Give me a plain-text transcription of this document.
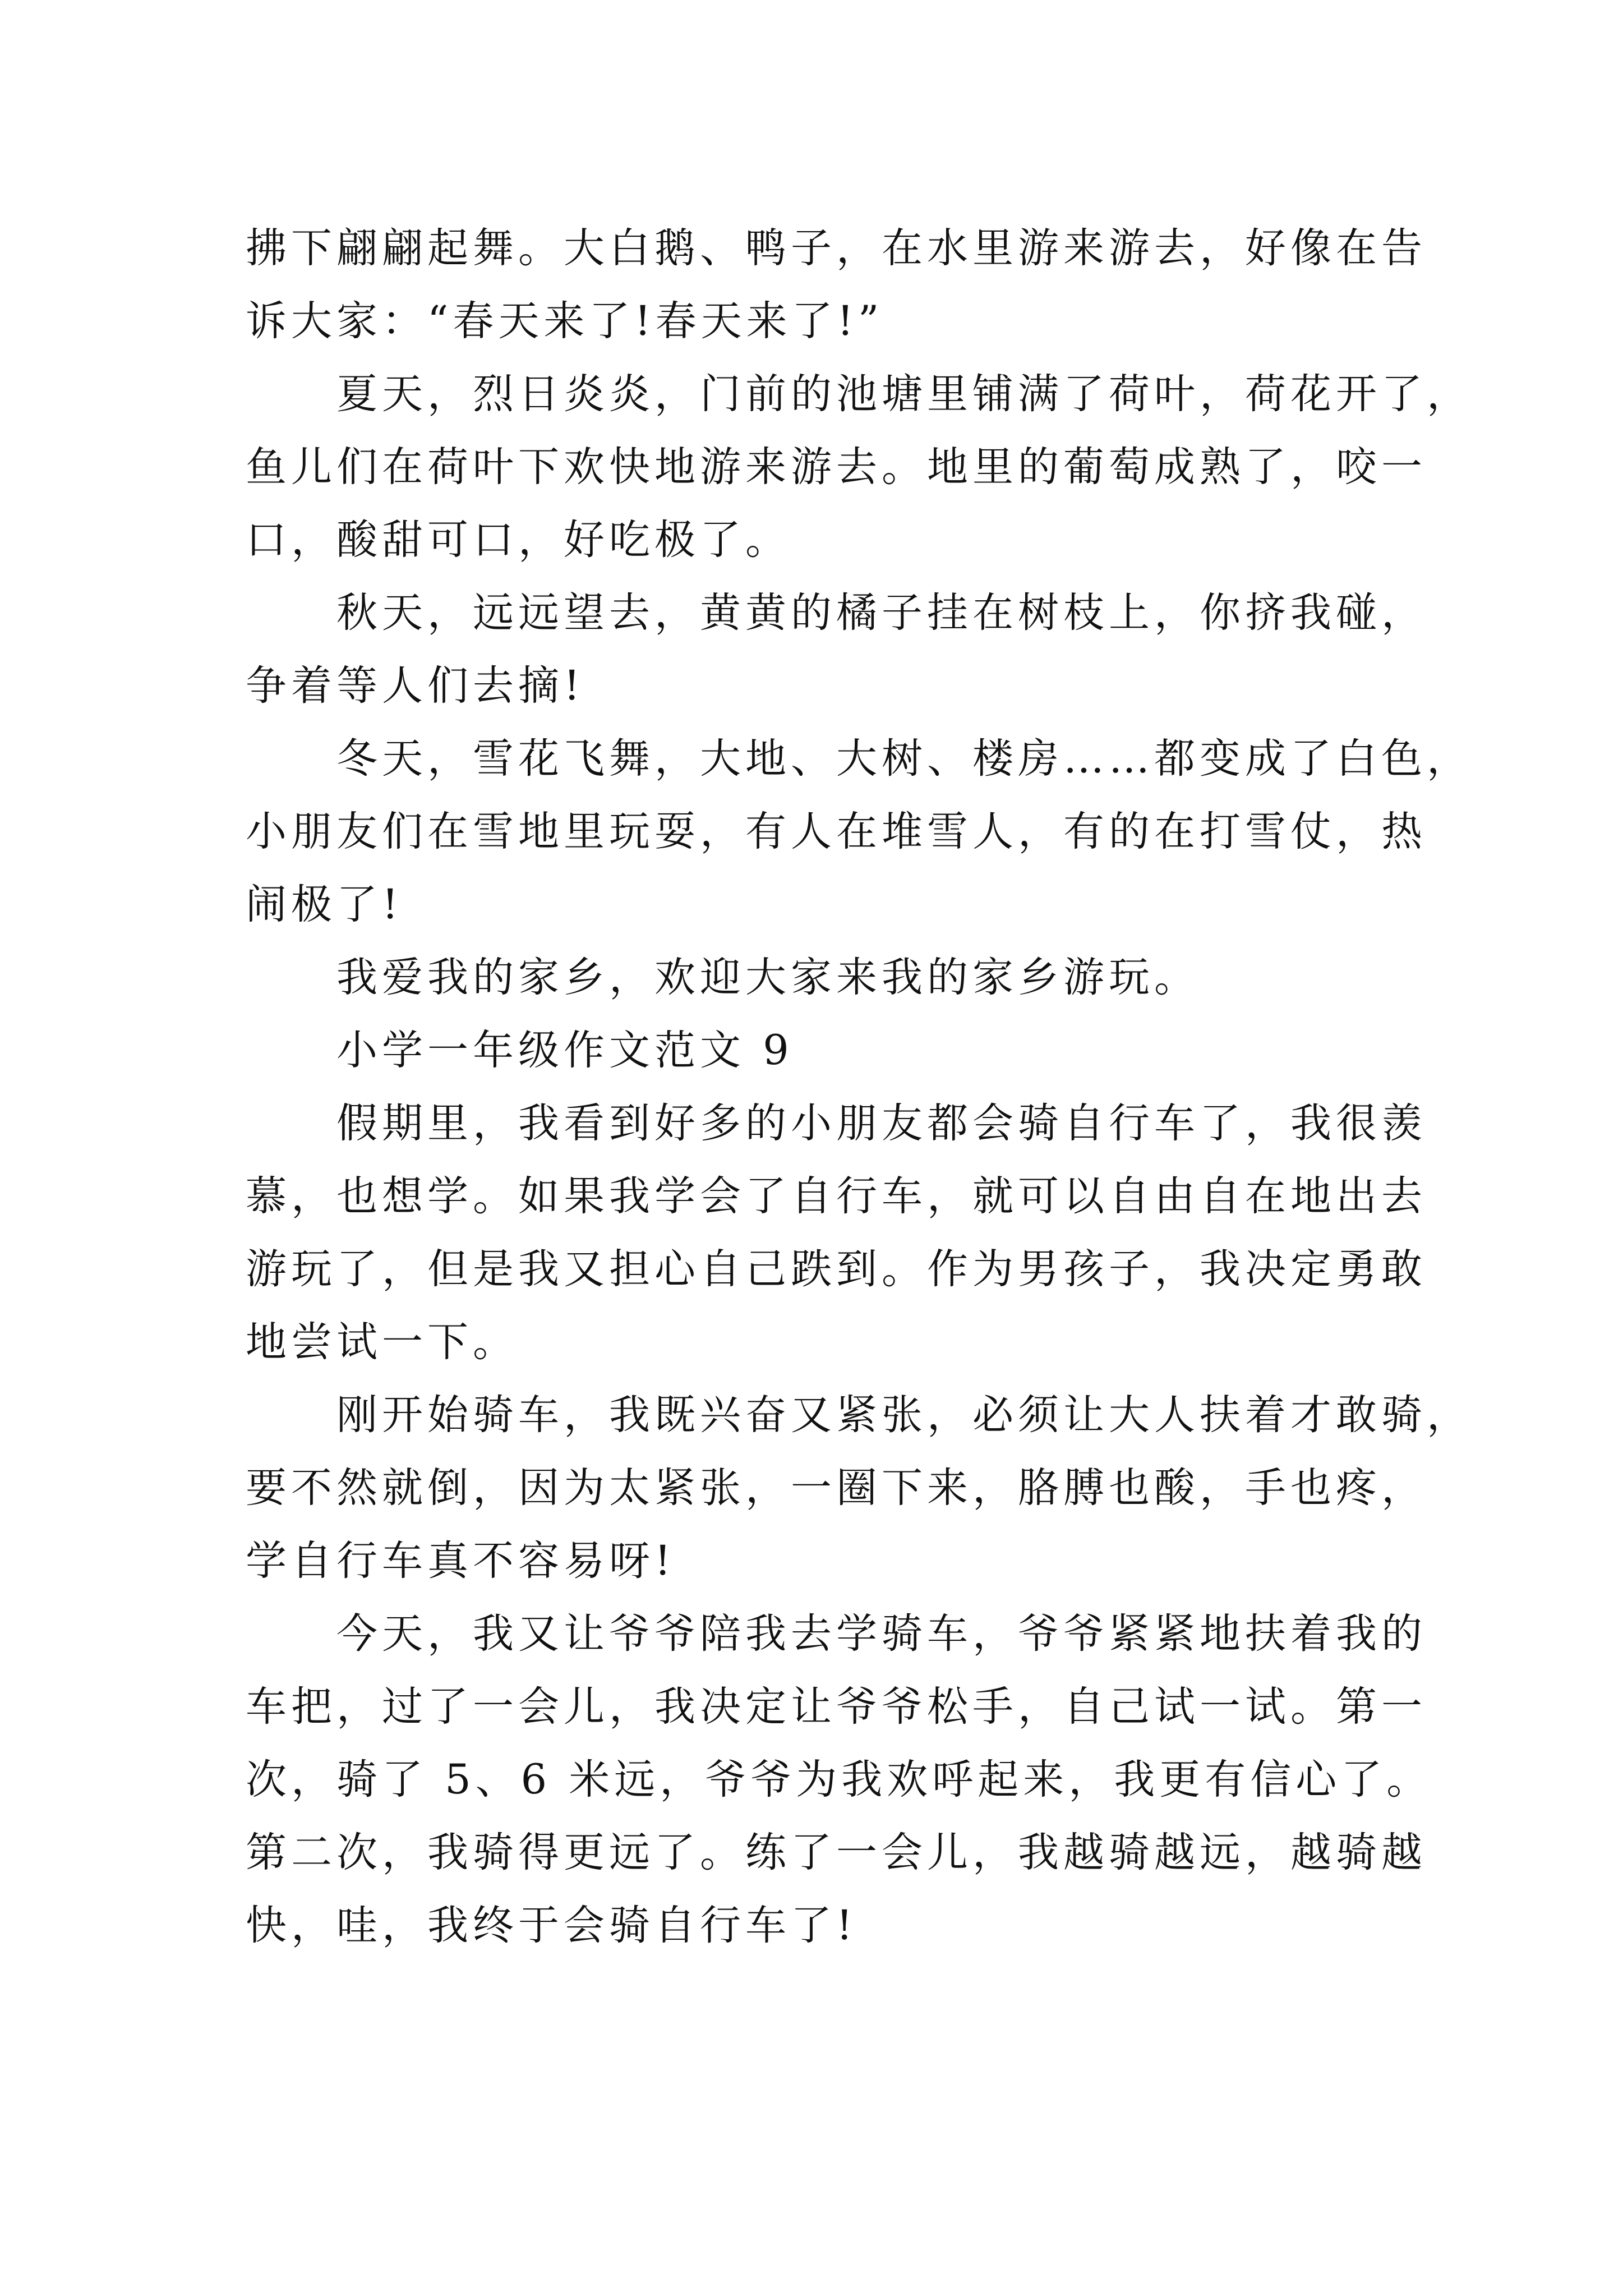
拂下翩翩起舞。大白鹅、鸭子，在水里游来游去，好像在告
诉大家：“春天来了!春天来了!”
夏天，烈日炎炎，门前的池塘里铺满了荷叶，荷花开了，
鱼儿们在荷叶下欢快地游来游去。地里的葡萄成熟了，咬一
口，酸甜可口，好吃极了。
秋天，远远望去，黄黄的橘子挂在树枝上，你挤我碰，
争着等人们去摘!
冬天，雪花飞舞，大地、大树、楼房……都变成了白色，
小朋友们在雪地里玩耍，有人在堆雪人，有的在打雪仗，热
闹极了!
我爱我的家乡，欢迎大家来我的家乡游玩。
小学一年级作文范文 9
假期里，我看到好多的小朋友都会骑自行车了，我很羡
慕，也想学。如果我学会了自行车，就可以自由自在地出去
游玩了，但是我又担心自己跌到。作为男孩子，我决定勇敢
地尝试一下。
刚开始骑车，我既兴奋又紧张，必须让大人扶着才敢骑，
要不然就倒，因为太紧张，一圈下来，胳膊也酸，手也疼，
学自行车真不容易呀!
今天，我又让爷爷陪我去学骑车，爷爷紧紧地扶着我的
车把，过了一会儿，我决定让爷爷松手，自己试一试。第一
次，骑了 5、6 米远，爷爷为我欢呼起来，我更有信心了。
第二次，我骑得更远了。练了一会儿，我越骑越远，越骑越
快，哇，我终于会骑自行车了!
